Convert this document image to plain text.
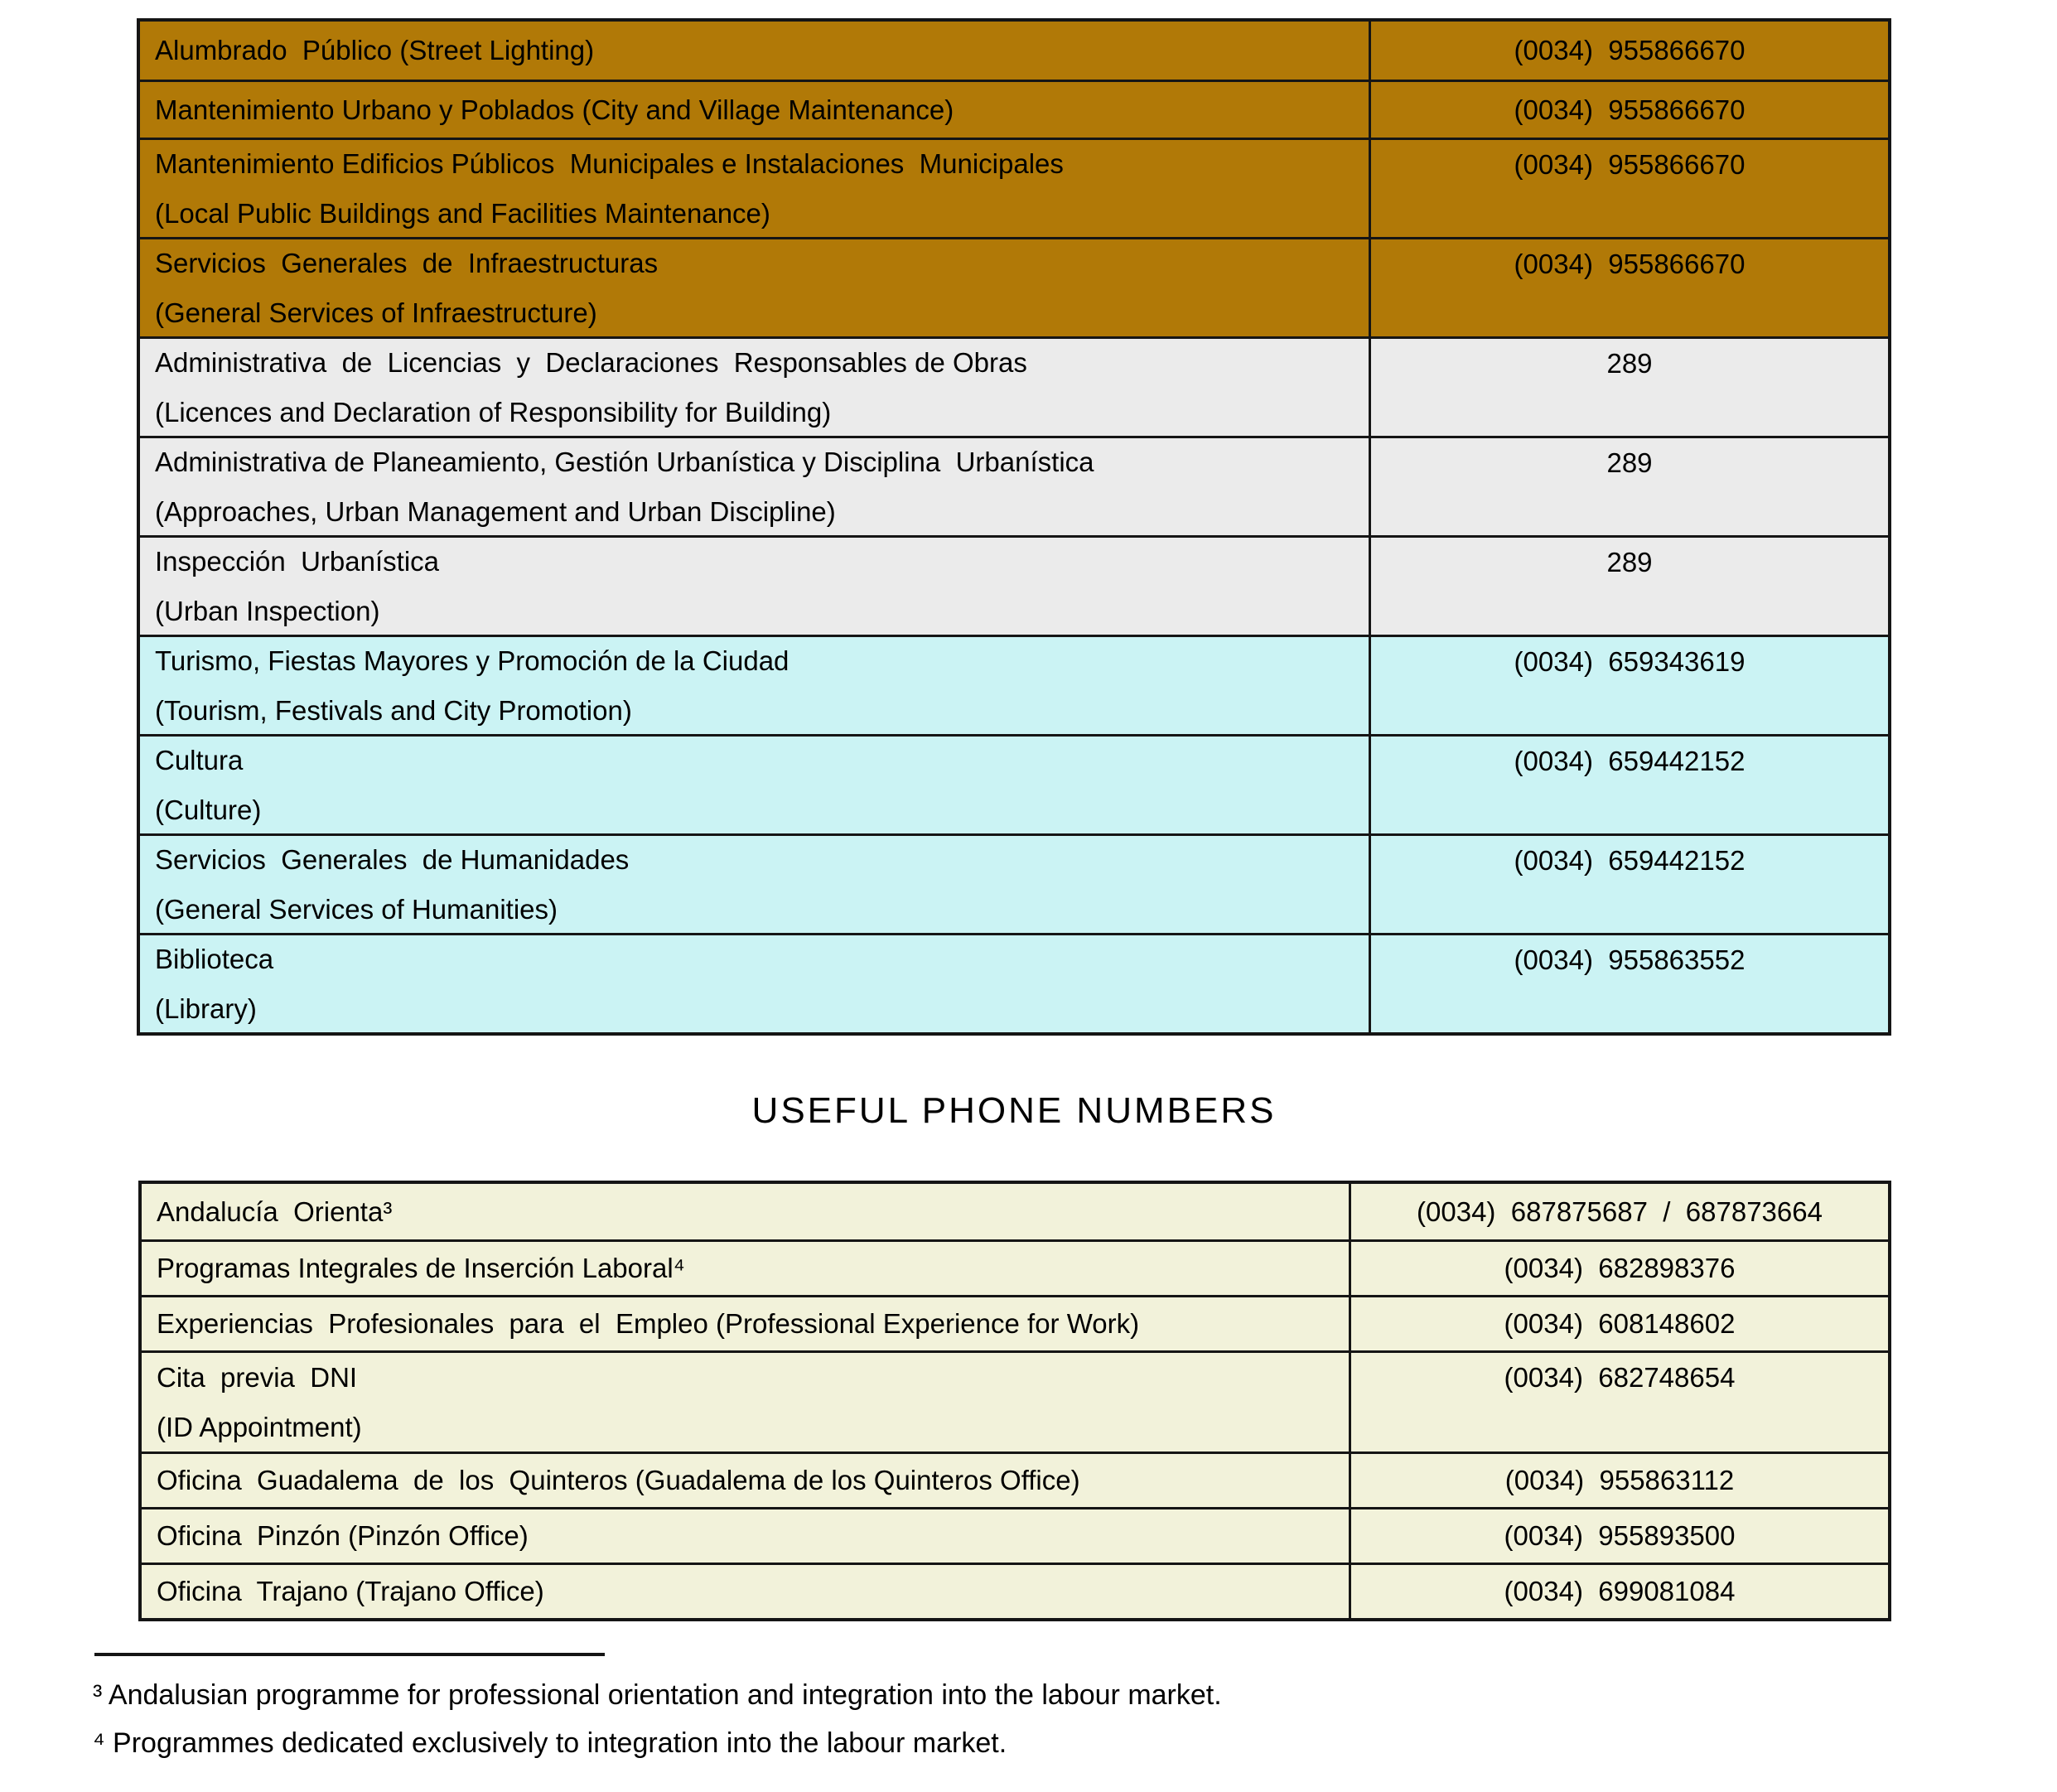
Alumbrado  Público (Street Lighting)	(0034)  955866670
Mantenimiento Urbano y Poblados (City and Village Maintenance)	(0034)  955866670
Mantenimiento Edificios Públicos  Municipales e Instalaciones  Municipales
(Local Public Buildings and Facilities Maintenance)
(0034)  955866670
Servicios  Generales  de  Infraestructuras
(General Services of Infraestructure)
(0034)  955866670
Administrativa  de  Licencias  y  Declaraciones  Responsables de Obras
(Licences and Declaration of Responsibility for Building)
289
Administrativa de Planeamiento, Gestión Urbanística y Disciplina  Urbanística
(Approaches, Urban Management and Urban Discipline)
289
Inspección  Urbanística
(Urban Inspection)
289
Turismo, Fiestas Mayores y Promoción de la Ciudad
(Tourism, Festivals and City Promotion)
(0034)  659343619
Cultura
(Culture)
(0034)  659442152
Servicios  Generales  de Humanidades
(General Services of Humanities)
(0034)  659442152
Biblioteca
(Library)
(0034)  955863552
USEFUL PHONE NUMBERS
Andalucía  Orienta³	(0034)  687875687  /  687873664
Programas Integrales de Inserción Laboral⁴	(0034)  682898376
Experiencias  Profesionales  para  el  Empleo (Professional Experience for Work)	(0034)  608148602
Cita  previa  DNI
(ID Appointment)
(0034)  682748654
Oficina  Guadalema  de  los  Quinteros (Guadalema de los Quinteros Office)	(0034)  955863112
Oficina  Pinzón (Pinzón Office)	(0034)  955893500
Oficina  Trajano (Trajano Office)	(0034)  699081084
³ Andalusian programme for professional orientation and integration into the labour market.
⁴ Programmes dedicated exclusively to integration into the labour market.
